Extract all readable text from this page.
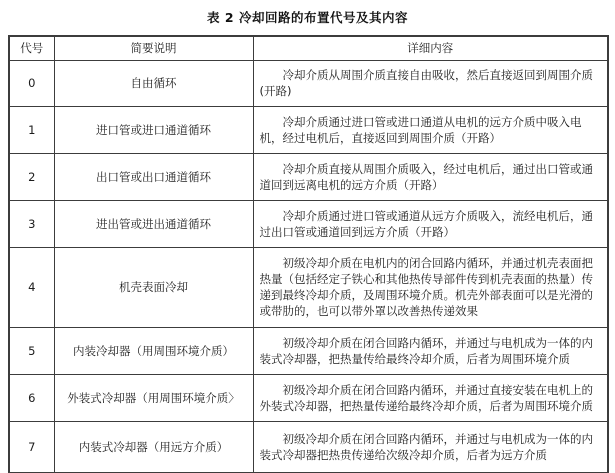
表 2 冷却回路的布置代号及其内容
代号	简要说明	详细内容
0	自由循环	冷却介质从周围介质直接自由吸收，然后直接返回到周围介质(开路)
1	进口管或进口通道循环	冷却介质通过进口管或进口通道从电机的远方介质中吸入电机，经过电机后，直接返回到周围介质（开路）
2	出口管或出口通道循环	冷却介质直接从周围介质吸入，经过电机后，通过出口管或通道回到远离电机的远方介质（开路）
3	进出管或进出通道循环	冷却介质通过进口管或通道从远方介质吸入，流经电机后，通过出口管或通道回到远方介质（开路）
4	机壳表面冷却	初级冷却介质在电机内的闭合回路内循环，并通过机壳表面把热量（包括经定子铁心和其他热传导部件传到机壳表面的热量）传递到最终冷却介质，及周围环境介质。机壳外部表面可以是光滑的或带肋的，也可以带外罩以改善热传递效果
5	内装冷却器（用周围环境介质）	初级冷却介质在闭合回路内循环，并通过与电机成为一体的内装式冷却器，把热量传给最终冷却介质，后者为周围环境介质
6	外装式冷却器（用周围环境介质〉	初级冷却介质在闭合回路内循环，并通过直接安装在电机上的外装式冷却器，把热量传递给最终冷却介质，后者为周围环境介质
7	内装式冷却器（用远方介质）	初级冷却介质在闭合回路内循环，并通过与电机成为一体的内装式冷却器把热贵传递给次级冷却介质，后者为远方介质
